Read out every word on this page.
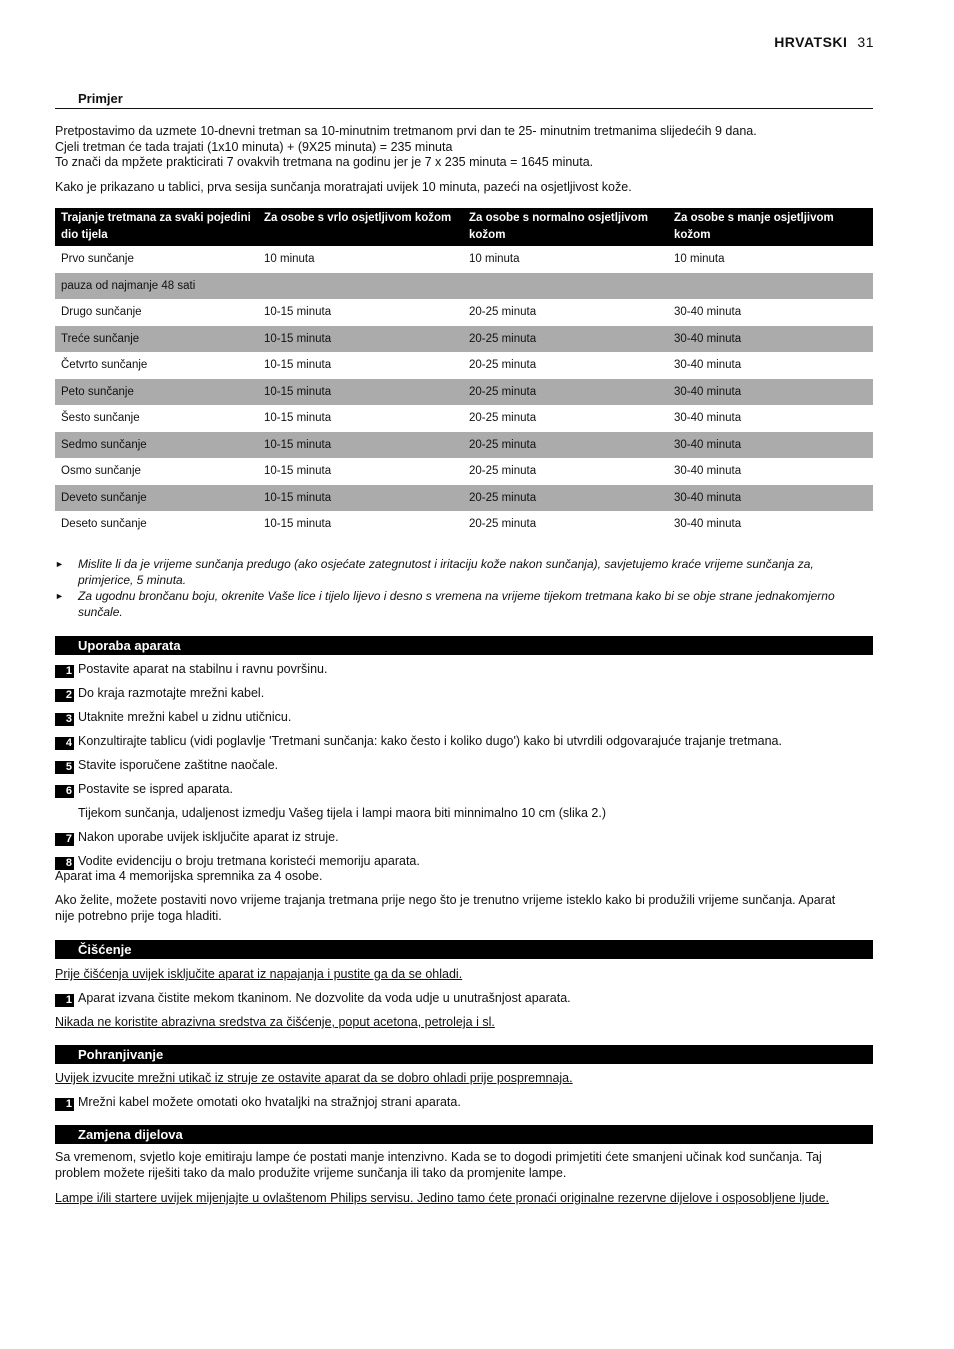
HRVATSKI 31
Primjer
Pretpostavimo da uzmete 10-dnevni tretman sa 10-minutnim tretmanom prvi dan te 25- minutnim tretmanima slijedećih 9 dana.
Cjeli tretman će tada trajati (1x10 minuta) + (9X25 minuta) = 235 minuta
To znači da mpžete prakticirati 7 ovakvih tretmana na godinu jer je 7 x 235 minuta = 1645 minuta.
Kako je prikazano u tablici, prva sesija sunčanja moratrajati uvijek 10 minuta, pazeći na osjetljivost kože.
Trajanje tretmana za svaki pojedini dio tijela	Za osobe s vrlo osjetljivom kožom	Za osobe s normalno osjetljivom kožom	Za osobe s manje osjetljivom kožom
Prvo sunčanje	10 minuta	10 minuta	10 minuta
pauza od najmanje 48 sati			
Drugo sunčanje	10-15 minuta	20-25 minuta	30-40 minuta
Treće sunčanje	10-15 minuta	20-25 minuta	30-40 minuta
Četvrto sunčanje	10-15 minuta	20-25 minuta	30-40 minuta
Peto sunčanje	10-15 minuta	20-25 minuta	30-40 minuta
Šesto sunčanje	10-15 minuta	20-25 minuta	30-40 minuta
Sedmo sunčanje	10-15 minuta	20-25 minuta	30-40 minuta
Osmo sunčanje	10-15 minuta	20-25 minuta	30-40 minuta
Deveto sunčanje	10-15 minuta	20-25 minuta	30-40 minuta
Deseto sunčanje	10-15 minuta	20-25 minuta	30-40 minuta
► Mislite li da je vrijeme sunčanja predugo (ako osjećate zategnutost i iritaciju kože nakon sunčanja), savjetujemo kraće vrijeme sunčanja za,
primjerice, 5 minuta.
► Za ugodnu brončanu boju, okrenite Vaše lice i tijelo lijevo i desno s vremena na vrijeme tijekom tretmana kako bi se obje strane jednakomjerno
sunčale.
Uporaba aparata
1 Postavite aparat na stabilnu i ravnu površinu.
2 Do kraja razmotajte mrežni kabel.
3 Utaknite mrežni kabel u zidnu utičnicu.
4 Konzultirajte tablicu (vidi poglavlje 'Tretmani sunčanja: kako često i koliko dugo') kako bi utvrdili odgovarajuće trajanje tretmana.
5 Stavite isporučene zaštitne naočale.
6 Postavite se ispred aparata.
Tijekom sunčanja, udaljenost izmedju Vašeg tijela i lampi maora biti minnimalno 10 cm (slika 2.)
7 Nakon uporabe uvijek isključite aparat iz struje.
8 Vodite evidenciju o broju tretmana koristeći memoriju aparata.
Aparat ima 4 memorijska spremnika za 4 osobe.
Ako želite, možete postaviti novo vrijeme trajanja tretmana prije nego što je trenutno vrijeme isteklo kako bi produžili vrijeme sunčanja. Aparat
nije potrebno prije toga hladiti.
Čišćenje
Prije čišćenja uvijek isključite aparat iz napajanja i pustite ga da se ohladi.
1 Aparat izvana čistite mekom tkaninom. Ne dozvolite da voda udje u unutrašnjost aparata.
Nikada ne koristite abrazivna sredstva za čišćenje, poput acetona, petroleja i sl.
Pohranjivanje
Uvijek izvucite mrežni utikač iz struje ze ostavite aparat da se dobro ohladi prije pospremnaja.
1 Mrežni kabel možete omotati oko hvataljki na stražnjoj strani aparata.
Zamjena dijelova
Sa vremenom, svjetlo koje emitiraju lampe će postati manje intenzivno. Kada se to dogodi primjetiti ćete smanjeni učinak kod sunčanja. Taj
problem možete riješiti tako da malo produžite vrijeme sunčanja ili tako da promjenite lampe.
Lampe i/ili startere uvijek mijenjajte u ovlaštenom Philips servisu. Jedino tamo ćete pronaći originalne rezervne dijelove i osposobljene ljude.
